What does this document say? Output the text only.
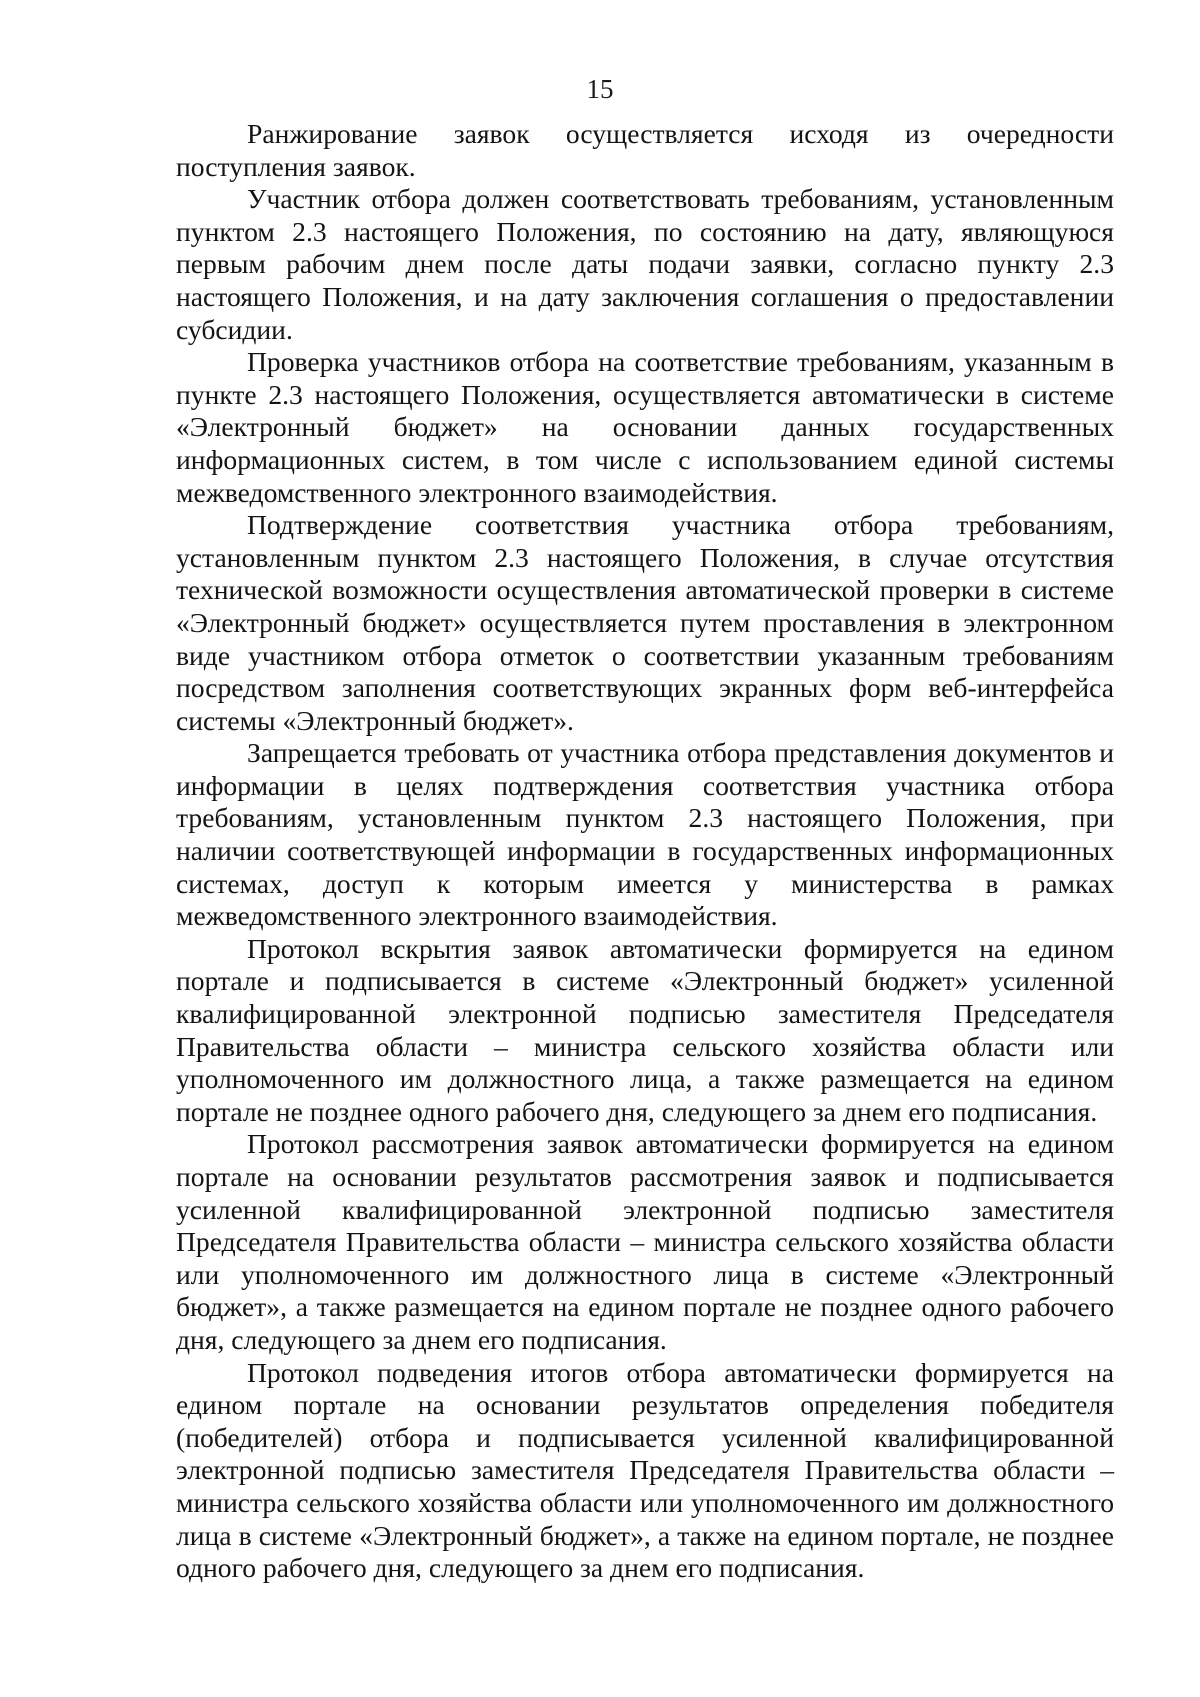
15

Ранжирование заявок осуществляется исходя из очередности поступления заявок.

Участник отбора должен соответствовать требованиям, установленным пунктом 2.3 настоящего Положения, по состоянию на дату, являющуюся первым рабочим днем после даты подачи заявки, согласно пункту 2.3 настоящего Положения, и на дату заключения соглашения о предоставлении субсидии.

Проверка участников отбора на соответствие требованиям, указанным в пункте 2.3 настоящего Положения, осуществляется автоматически в системе «Электронный бюджет» на основании данных государственных информационных систем, в том числе с использованием единой системы межведомственного электронного взаимодействия.

Подтверждение соответствия участника отбора требованиям, установленным пунктом 2.3 настоящего Положения, в случае отсутствия технической возможности осуществления автоматической проверки в системе «Электронный бюджет» осуществляется путем проставления в электронном виде участником отбора отметок о соответствии указанным требованиям посредством заполнения соответствующих экранных форм веб-интерфейса системы «Электронный бюджет».

Запрещается требовать от участника отбора представления документов и информации в целях подтверждения соответствия участника отбора требованиям, установленным пунктом 2.3 настоящего Положения, при наличии соответствующей информации в государственных информационных системах, доступ к которым имеется у министерства в рамках межведомственного электронного взаимодействия.

Протокол вскрытия заявок автоматически формируется на едином портале и подписывается в системе «Электронный бюджет» усиленной квалифицированной электронной подписью заместителя Председателя Правительства области – министра сельского хозяйства области или уполномоченного им должностного лица, а также размещается на едином портале не позднее одного рабочего дня, следующего за днем его подписания.

Протокол рассмотрения заявок автоматически формируется на едином портале на основании результатов рассмотрения заявок и подписывается усиленной квалифицированной электронной подписью заместителя Председателя Правительства области – министра сельского хозяйства области или уполномоченного им должностного лица в системе «Электронный бюджет», а также размещается на едином портале не позднее одного рабочего дня, следующего за днем его подписания.

Протокол подведения итогов отбора автоматически формируется на едином портале на основании результатов определения победителя (победителей) отбора и подписывается усиленной квалифицированной электронной подписью заместителя Председателя Правительства области – министра сельского хозяйства области или уполномоченного им должностного лица в системе «Электронный бюджет», а также на едином портале, не позднее одного рабочего дня, следующего за днем его подписания.
